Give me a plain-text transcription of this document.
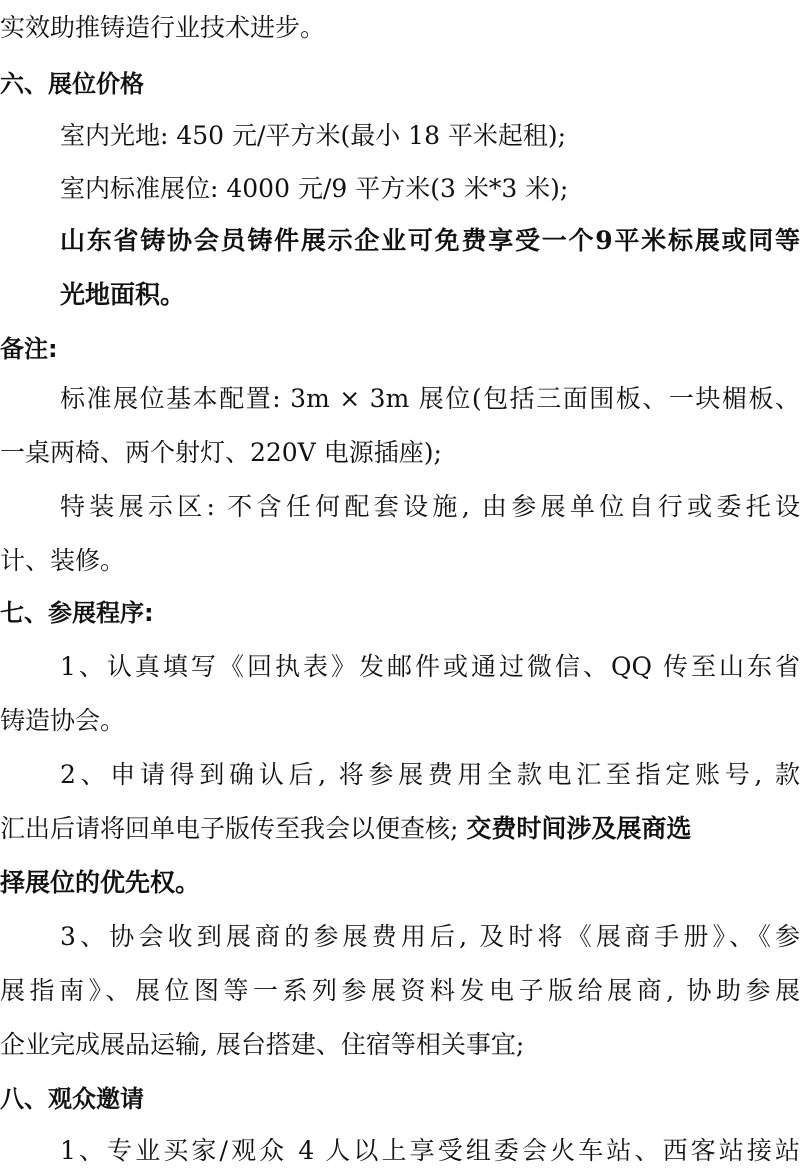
实效助推铸造行业技术进步。
六、展位价格
室内光地: 450 元/平方米(最小 18 平米起租);
室内标准展位: 4000 元/9 平方米(3 米*3 米);
山东省铸协会员铸件展示企业可免费享受一个9平米标展或同等
光地面积。
备注:
标准展位基本配置: 3m × 3m 展位(包括三面围板、一块楣板、
一桌两椅、两个射灯、220V 电源插座);
特装展示区: 不含任何配套设施, 由参展单位自行或委托设
计、装修。
七、参展程序:
1、认真填写《回执表》发邮件或通过微信、QQ 传至山东省
铸造协会。
2、申请得到确认后, 将参展费用全款电汇至指定账号, 款
汇出后请将回单电子版传至我会以便查核; 交费时间涉及展商选
择展位的优先权。
3、协会收到展商的参展费用后, 及时将《展商手册》、《参
展指南》、展位图等一系列参展资料发电子版给展商, 协助参展
企业完成展品运输, 展台搭建、住宿等相关事宜;
八、观众邀请
1、专业买家/观众 4 人以上享受组委会火车站、西客站接站
